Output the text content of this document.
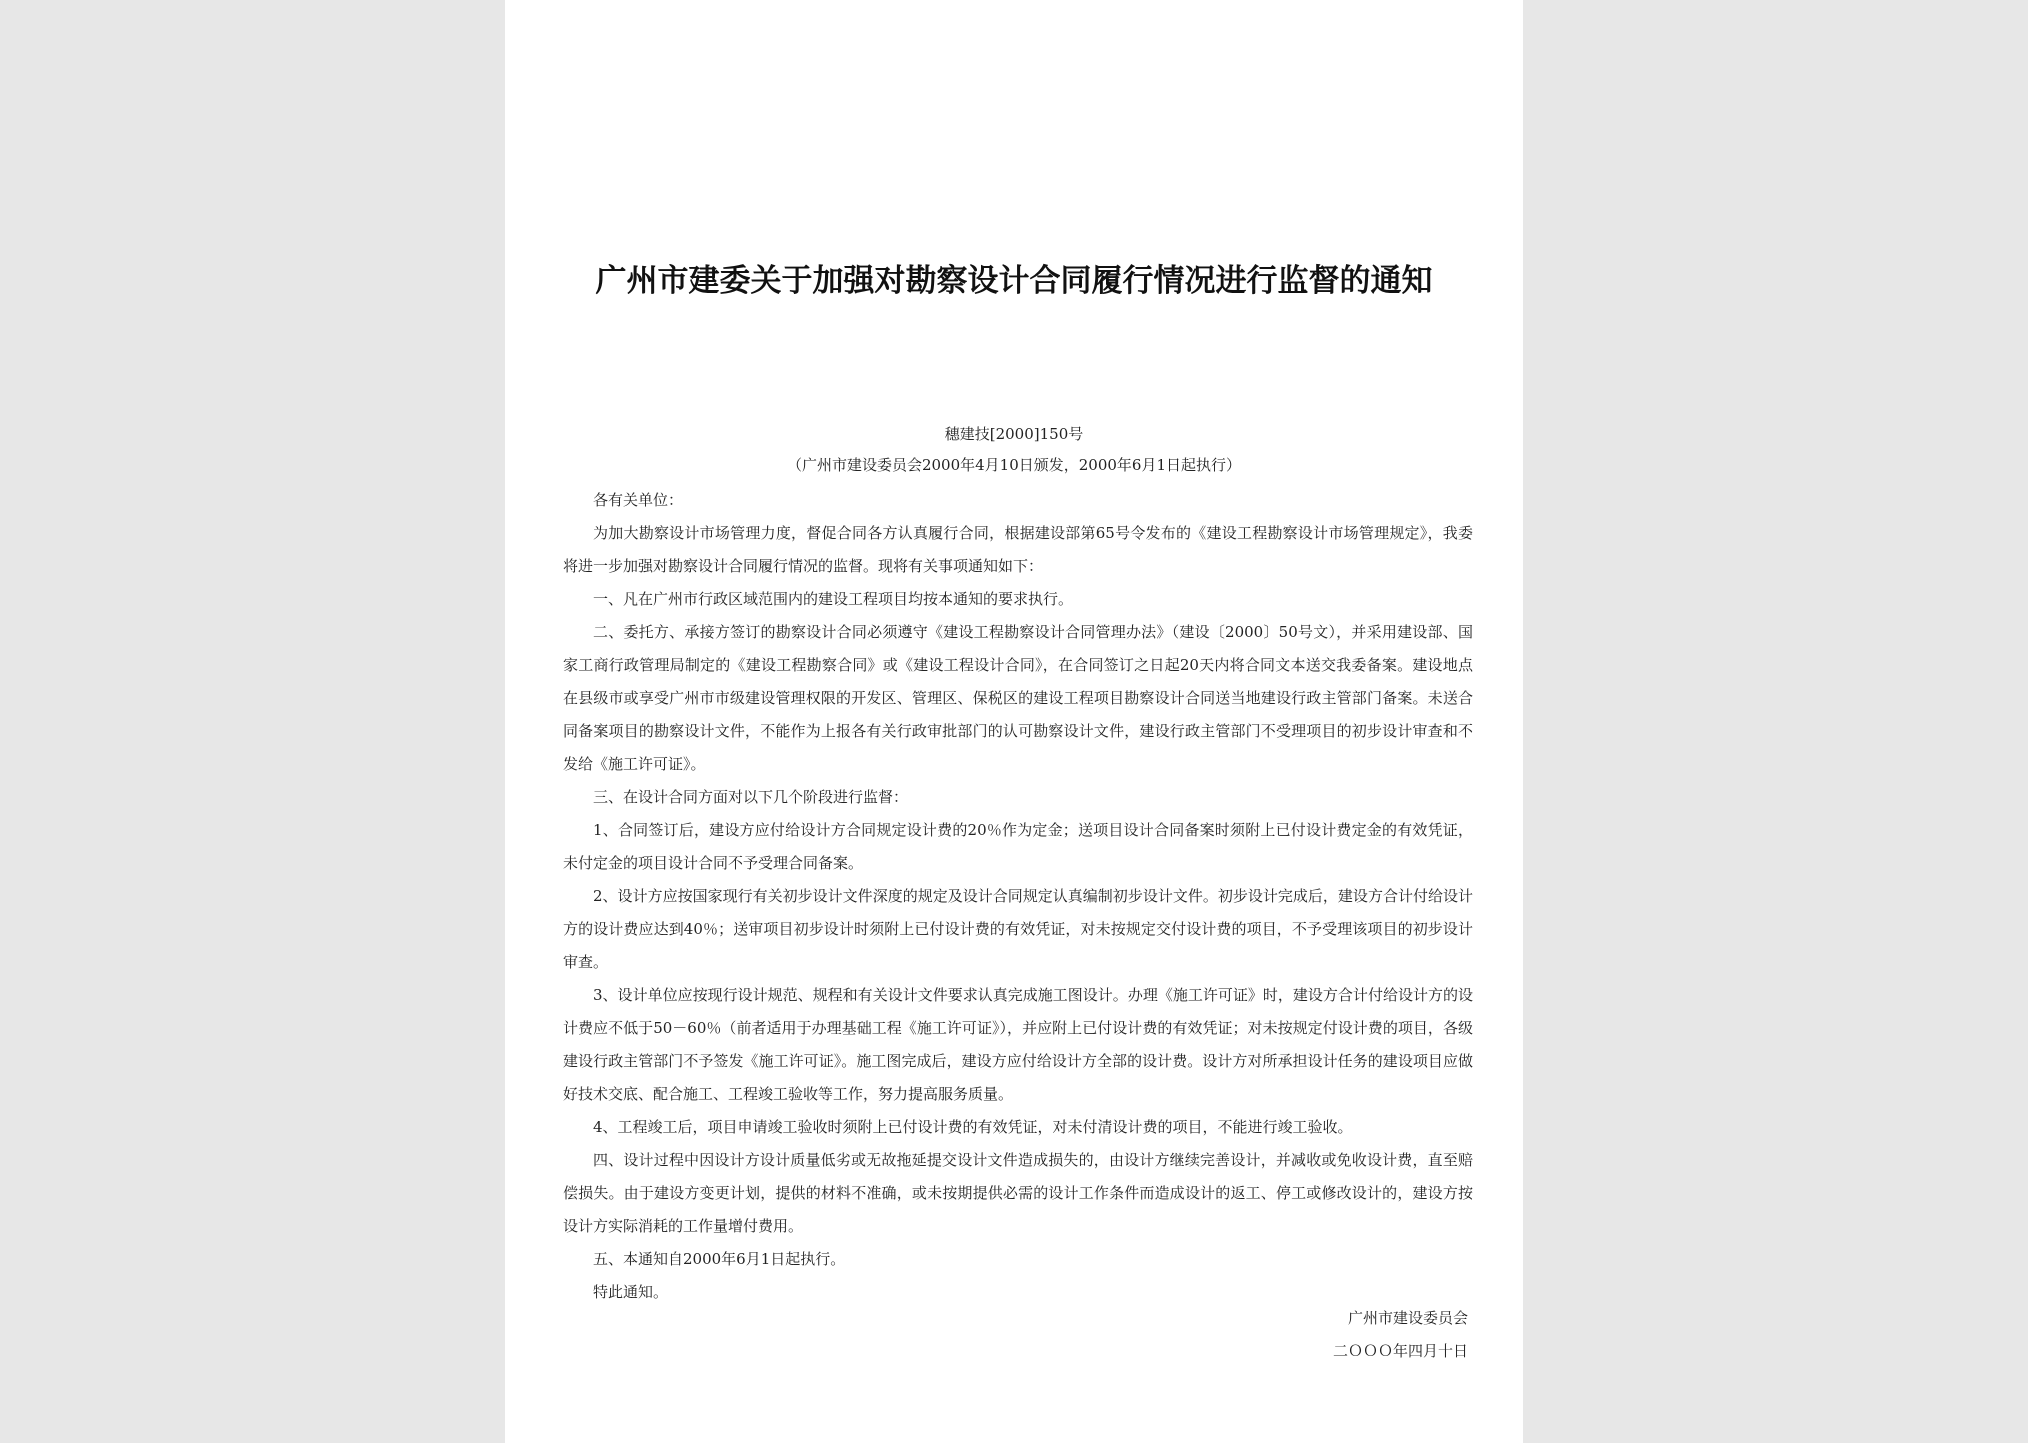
广州市建委关于加强对勘察设计合同履行情况进行监督的通知
穗建技[2000]150号
（广州市建设委员会2000年4月10日颁发，2000年6月1日起执行）

各有关单位：

为加大勘察设计市场管理力度，督促合同各方认真履行合同，根据建设部第65号令发布的《建设工程勘察设计市场管理规定》，我委将进一步加强对勘察设计合同履行情况的监督。现将有关事项通知如下：

一、凡在广州市行政区域范围内的建设工程项目均按本通知的要求执行。

二、委托方、承接方签订的勘察设计合同必须遵守《建设工程勘察设计合同管理办法》（建设〔2000〕50号文），并采用建设部、国家工商行政管理局制定的《建设工程勘察合同》或《建设工程设计合同》，在合同签订之日起20天内将合同文本送交我委备案。建设地点在县级市或享受广州市市级建设管理权限的开发区、管理区、保税区的建设工程项目勘察设计合同送当地建设行政主管部门备案。未送合同备案项目的勘察设计文件，不能作为上报各有关行政审批部门的认可勘察设计文件，建设行政主管部门不受理项目的初步设计审查和不发给《施工许可证》。

三、在设计合同方面对以下几个阶段进行监督：

1、合同签订后，建设方应付给设计方合同规定设计费的20％作为定金；送项目设计合同备案时须附上已付设计费定金的有效凭证，未付定金的项目设计合同不予受理合同备案。

2、设计方应按国家现行有关初步设计文件深度的规定及设计合同规定认真编制初步设计文件。初步设计完成后，建设方合计付给设计方的设计费应达到40％；送审项目初步设计时须附上已付设计费的有效凭证，对未按规定交付设计费的项目，不予受理该项目的初步设计审查。

3、设计单位应按现行设计规范、规程和有关设计文件要求认真完成施工图设计。办理《施工许可证》时，建设方合计付给设计方的设计费应不低于50－60％（前者适用于办理基础工程《施工许可证》），并应附上已付设计费的有效凭证；对未按规定付设计费的项目，各级建设行政主管部门不予签发《施工许可证》。施工图完成后，建设方应付给设计方全部的设计费。设计方对所承担设计任务的建设项目应做好技术交底、配合施工、工程竣工验收等工作，努力提高服务质量。

4、工程竣工后，项目申请竣工验收时须附上已付设计费的有效凭证，对未付清设计费的项目，不能进行竣工验收。

四、设计过程中因设计方设计质量低劣或无故拖延提交设计文件造成损失的，由设计方继续完善设计，并减收或免收设计费，直至赔偿损失。由于建设方变更计划，提供的材料不准确，或未按期提供必需的设计工作条件而造成设计的返工、停工或修改设计的，建设方按设计方实际消耗的工作量增付费用。

五、本通知自2000年6月1日起执行。

特此通知。

广州市建设委员会
二ＯＯＯ年四月十日
